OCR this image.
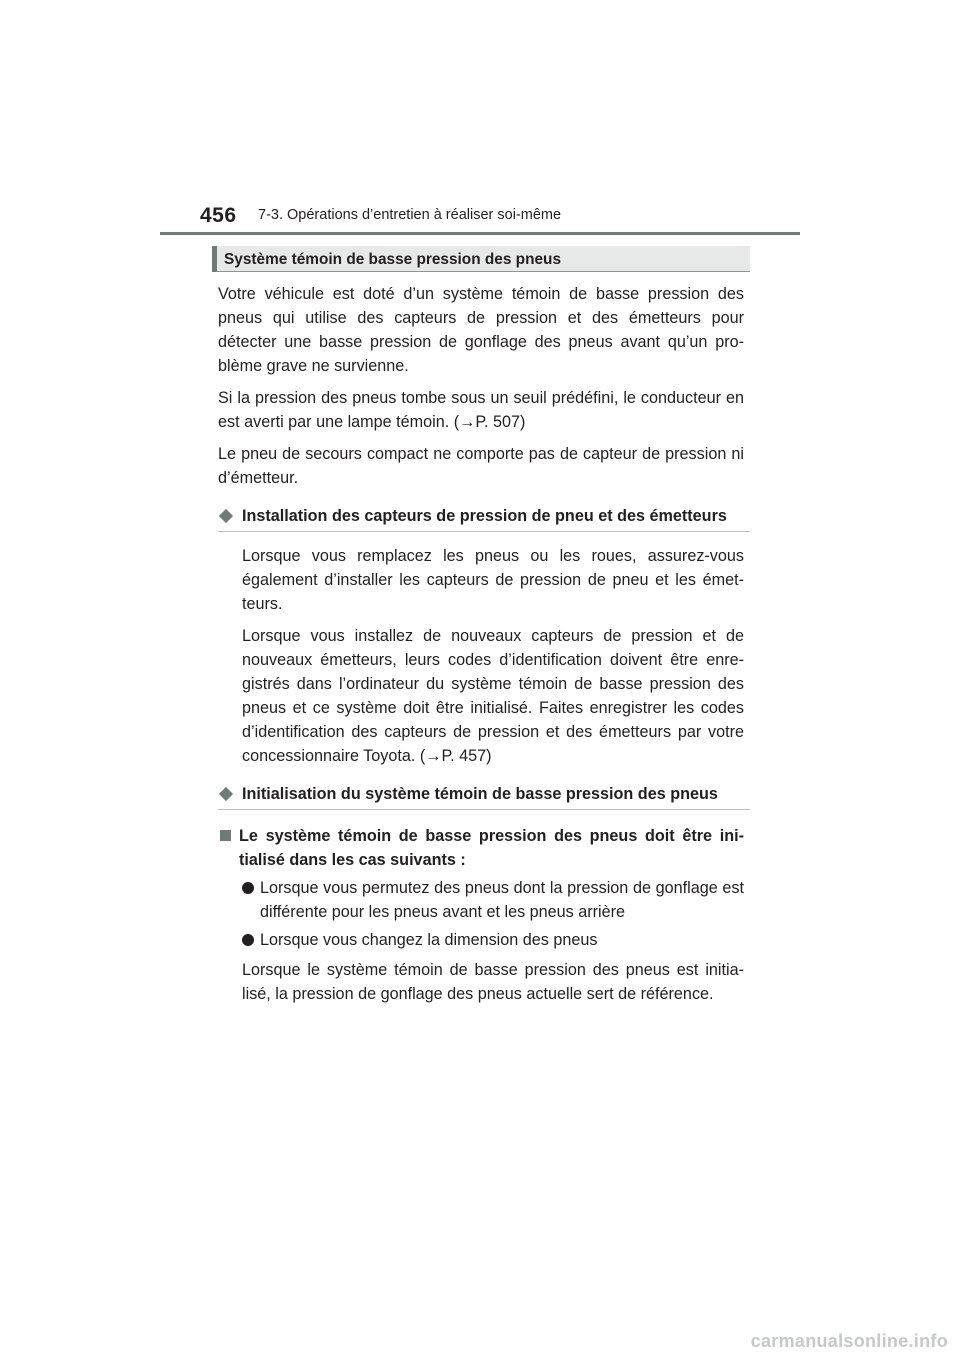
456 7-3. Opérations d’entretien à réaliser soi-même
Système témoin de basse pression des pneus

Votre véhicule est doté d’un système témoin de basse pression des pneus qui utilise des capteurs de pression et des émetteurs pour détecter une basse pression de gonflage des pneus avant qu’un pro-blème grave ne survienne.

Si la pression des pneus tombe sous un seuil prédéfini, le conducteur en est averti par une lampe témoin. (→P. 507)

Le pneu de secours compact ne comporte pas de capteur de pression ni d’émetteur.

Installation des capteurs de pression de pneu et des émetteurs

Lorsque vous remplacez les pneus ou les roues, assurez-vous également d’installer les capteurs de pression de pneu et les émet-teurs.

Lorsque vous installez de nouveaux capteurs de pression et de nouveaux émetteurs, leurs codes d’identification doivent être enre-gistrés dans l’ordinateur du système témoin de basse pression des pneus et ce système doit être initialisé. Faites enregistrer les codes d’identification des capteurs de pression et des émetteurs par votre concessionnaire Toyota. (→P. 457)

Initialisation du système témoin de basse pression des pneus
Le système témoin de basse pression des pneus doit être ini-tialisé dans les cas suivants :
Lorsque vous permutez des pneus dont la pression de gonflage est différente pour les pneus avant et les pneus arrière
Lorsque vous changez la dimension des pneus

Lorsque le système témoin de basse pression des pneus est initia-lisé, la pression de gonflage des pneus actuelle sert de référence.

carmanualsonline.info
